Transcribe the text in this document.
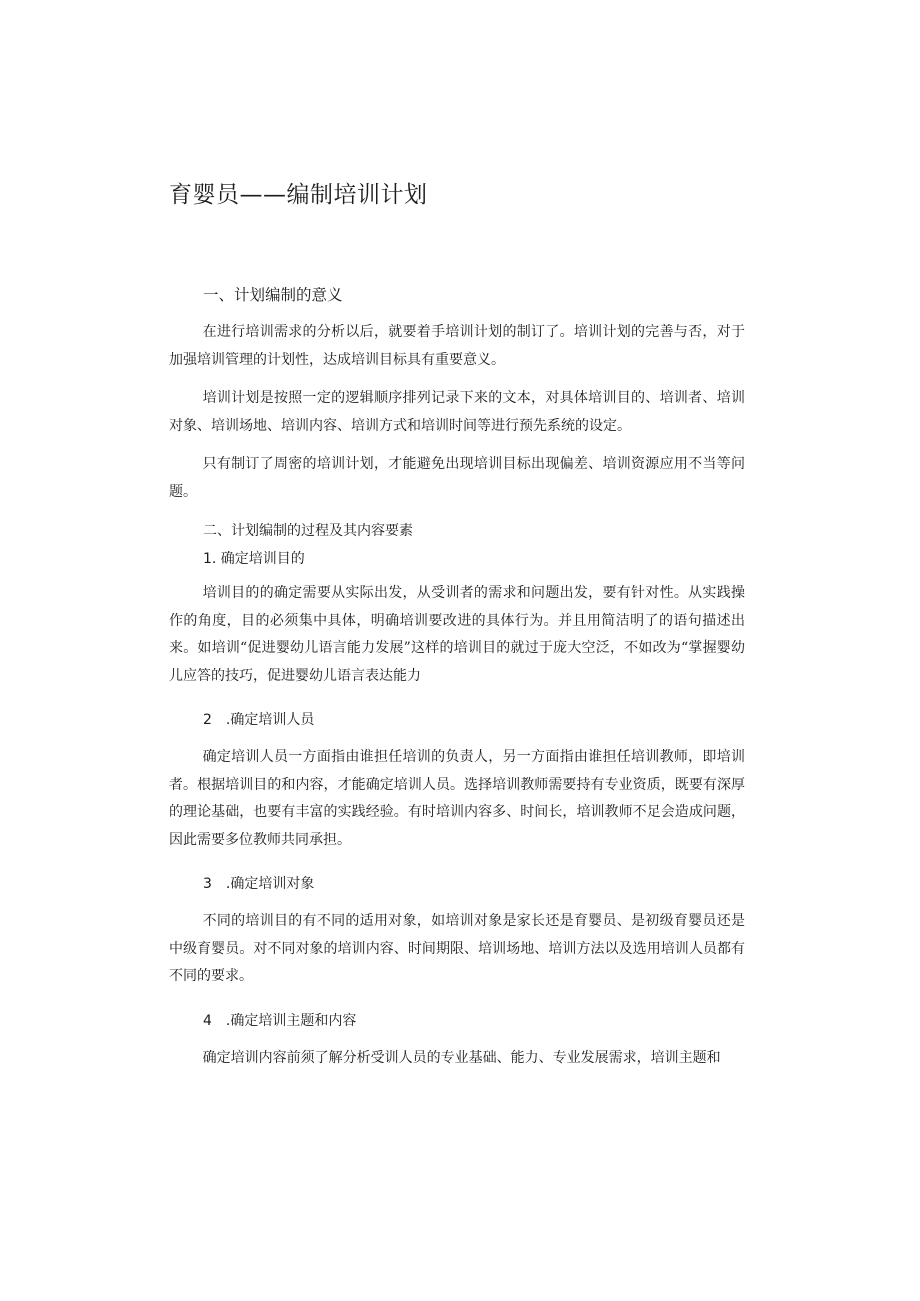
育婴员——编制培训计划
一、计划编制的意义

在进行培训需求的分析以后，就要着手培训计划的制订了。培训计划的完善与否，对于加强培训管理的计划性，达成培训目标具有重要意义。

培训计划是按照一定的逻辑顺序排列记录下来的文本，对具体培训目的、培训者、培训对象、培训场地、培训内容、培训方式和培训时间等进行预先系统的设定。

只有制订了周密的培训计划，才能避免出现培训目标出现偏差、培训资源应用不当等问题。

二、计划编制的过程及其内容要素
1. 确定培训目的

培训目的的确定需要从实际出发，从受训者的需求和问题出发，要有针对性。从实践操作的角度，目的必须集中具体，明确培训要改进的具体行为。并且用简洁明了的语句描述出来。如培训“促进婴幼儿语言能力发展”这样的培训目的就过于庞大空泛，不如改为“掌握婴幼儿应答的技巧，促进婴幼儿语言表达能力

2　.确定培训人员

确定培训人员一方面指由谁担任培训的负责人，另一方面指由谁担任培训教师，即培训者。根据培训目的和内容，才能确定培训人员。选择培训教师需要持有专业资质，既要有深厚的理论基础，也要有丰富的实践经验。有时培训内容多、时间长，培训教师不足会造成问题，因此需要多位教师共同承担。

3　.确定培训对象

不同的培训目的有不同的适用对象，如培训对象是家长还是育婴员、是初级育婴员还是中级育婴员。对不同对象的培训内容、时间期限、培训场地、培训方法以及选用培训人员都有不同的要求。

4　.确定培训主题和内容

确定培训内容前须了解分析受训人员的专业基础、能力、专业发展需求，培训主题和
